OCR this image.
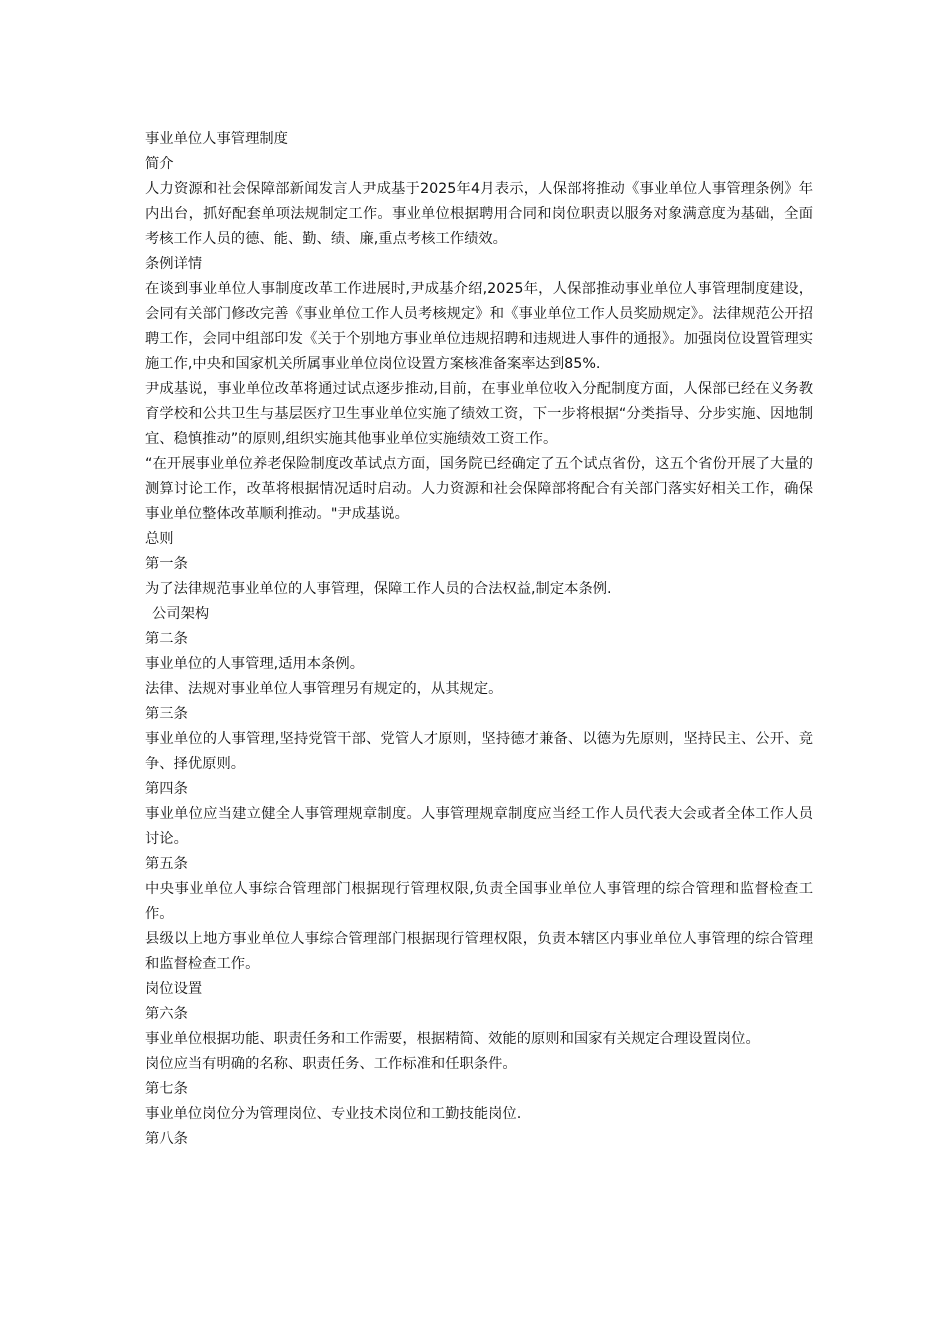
事业单位人事管理制度

简介

人力资源和社会保障部新闻发言人尹成基于2025年4月表示，人保部将推动《事业单位人事管理条例》年内出台，抓好配套单项法规制定工作。事业单位根据聘用合同和岗位职责以服务对象满意度为基础，全面考核工作人员的德、能、勤、绩、廉,重点考核工作绩效。

条例详情

在谈到事业单位人事制度改革工作进展时,尹成基介绍,2025年，人保部推动事业单位人事管理制度建设，会同有关部门修改完善《事业单位工作人员考核规定》和《事业单位工作人员奖励规定》。法律规范公开招聘工作，会同中组部印发《关于个别地方事业单位违规招聘和违规进人事件的通报》。加强岗位设置管理实施工作,中央和国家机关所属事业单位岗位设置方案核准备案率达到85%.

尹成基说，事业单位改革将通过试点逐步推动,目前，在事业单位收入分配制度方面，人保部已经在义务教育学校和公共卫生与基层医疗卫生事业单位实施了绩效工资，下一步将根据“分类指导、分步实施、因地制宜、稳慎推动”的原则,组织实施其他事业单位实施绩效工资工作。

“在开展事业单位养老保险制度改革试点方面，国务院已经确定了五个试点省份，这五个省份开展了大量的测算讨论工作，改革将根据情况适时启动。人力资源和社会保障部将配合有关部门落实好相关工作，确保事业单位整体改革顺利推动。"尹成基说。

总则

第一条

为了法律规范事业单位的人事管理，保障工作人员的合法权益,制定本条例.

公司架构

第二条

事业单位的人事管理,适用本条例。

法律、法规对事业单位人事管理另有规定的，从其规定。

第三条

事业单位的人事管理,坚持党管干部、党管人才原则，坚持德才兼备、以德为先原则，坚持民主、公开、竞争、择优原则。

第四条

事业单位应当建立健全人事管理规章制度。人事管理规章制度应当经工作人员代表大会或者全体工作人员讨论。

第五条

中央事业单位人事综合管理部门根据现行管理权限,负责全国事业单位人事管理的综合管理和监督检查工作。

县级以上地方事业单位人事综合管理部门根据现行管理权限，负责本辖区内事业单位人事管理的综合管理和监督检查工作。

岗位设置

第六条

事业单位根据功能、职责任务和工作需要，根据精简、效能的原则和国家有关规定合理设置岗位。

岗位应当有明确的名称、职责任务、工作标准和任职条件。

第七条

事业单位岗位分为管理岗位、专业技术岗位和工勤技能岗位.

第八条
